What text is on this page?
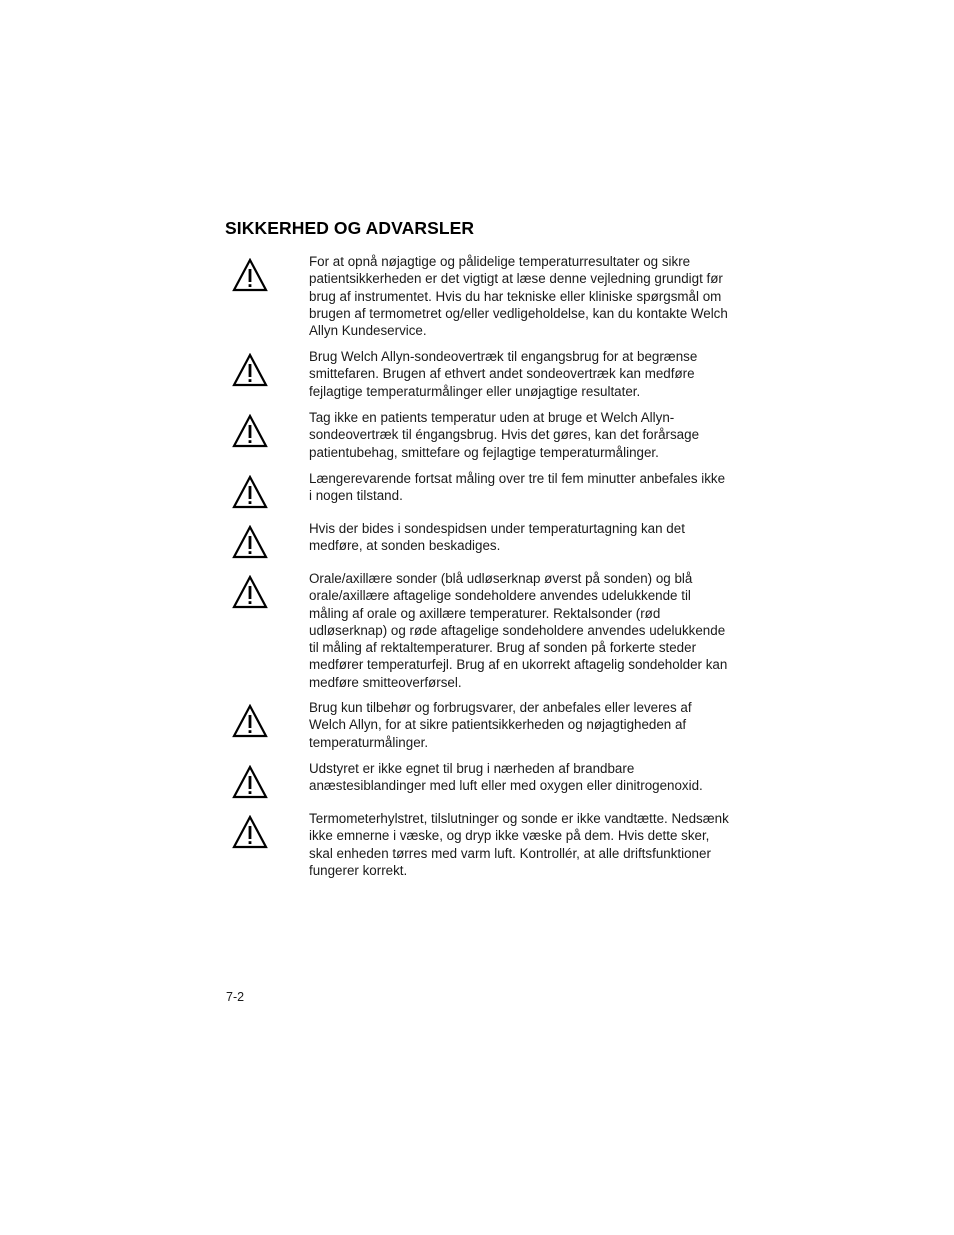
SIKKERHED OG ADVARSLER

For at opnå nøjagtige og pålidelige temperaturresultater og sikre patientsikkerheden er det vigtigt at læse denne vejledning grundigt før brug af instrumentet. Hvis du har tekniske eller kliniske spørgsmål om brugen af termometret og/eller vedligeholdelse, kan du kontakte Welch Allyn Kundeservice.

Brug Welch Allyn-sondeovertræk til engangsbrug for at begrænse smittefaren. Brugen af ethvert andet sondeovertræk kan medføre fejlagtige temperaturmålinger eller unøjagtige resultater.

Tag ikke en patients temperatur uden at bruge et Welch Allyn-sondeovertræk til éngangsbrug. Hvis det gøres, kan det forårsage patientubehag, smittefare og fejlagtige temperaturmålinger.

Længerevarende fortsat måling over tre til fem minutter anbefales ikke i nogen tilstand.

Hvis der bides i sondespidsen under temperaturtagning kan det medføre, at sonden beskadiges.

Orale/axillære sonder (blå udløserknap øverst på sonden) og blå orale/axillære aftagelige sondeholdere anvendes udelukkende til måling af orale og axillære temperaturer. Rektalsonder (rød udløserknap) og røde aftagelige sondeholdere anvendes udelukkende til måling af rektaltemperaturer. Brug af sonden på forkerte steder medfører temperaturfejl. Brug af en ukorrekt aftagelig sondeholder kan medføre smitteoverførsel.

Brug kun tilbehør og forbrugsvarer, der anbefales eller leveres af Welch Allyn, for at sikre patientsikkerheden og nøjagtigheden af temperaturmålinger.

Udstyret er ikke egnet til brug i nærheden af brandbare anæstesiblandinger med luft eller med oxygen eller dinitrogenoxid.

Termometerhylstret, tilslutninger og sonde er ikke vandtætte. Nedsænk ikke emnerne i væske, og dryp ikke væske på dem. Hvis dette sker, skal enheden tørres med varm luft. Kontrollér, at alle driftsfunktioner fungerer korrekt.

7-2
